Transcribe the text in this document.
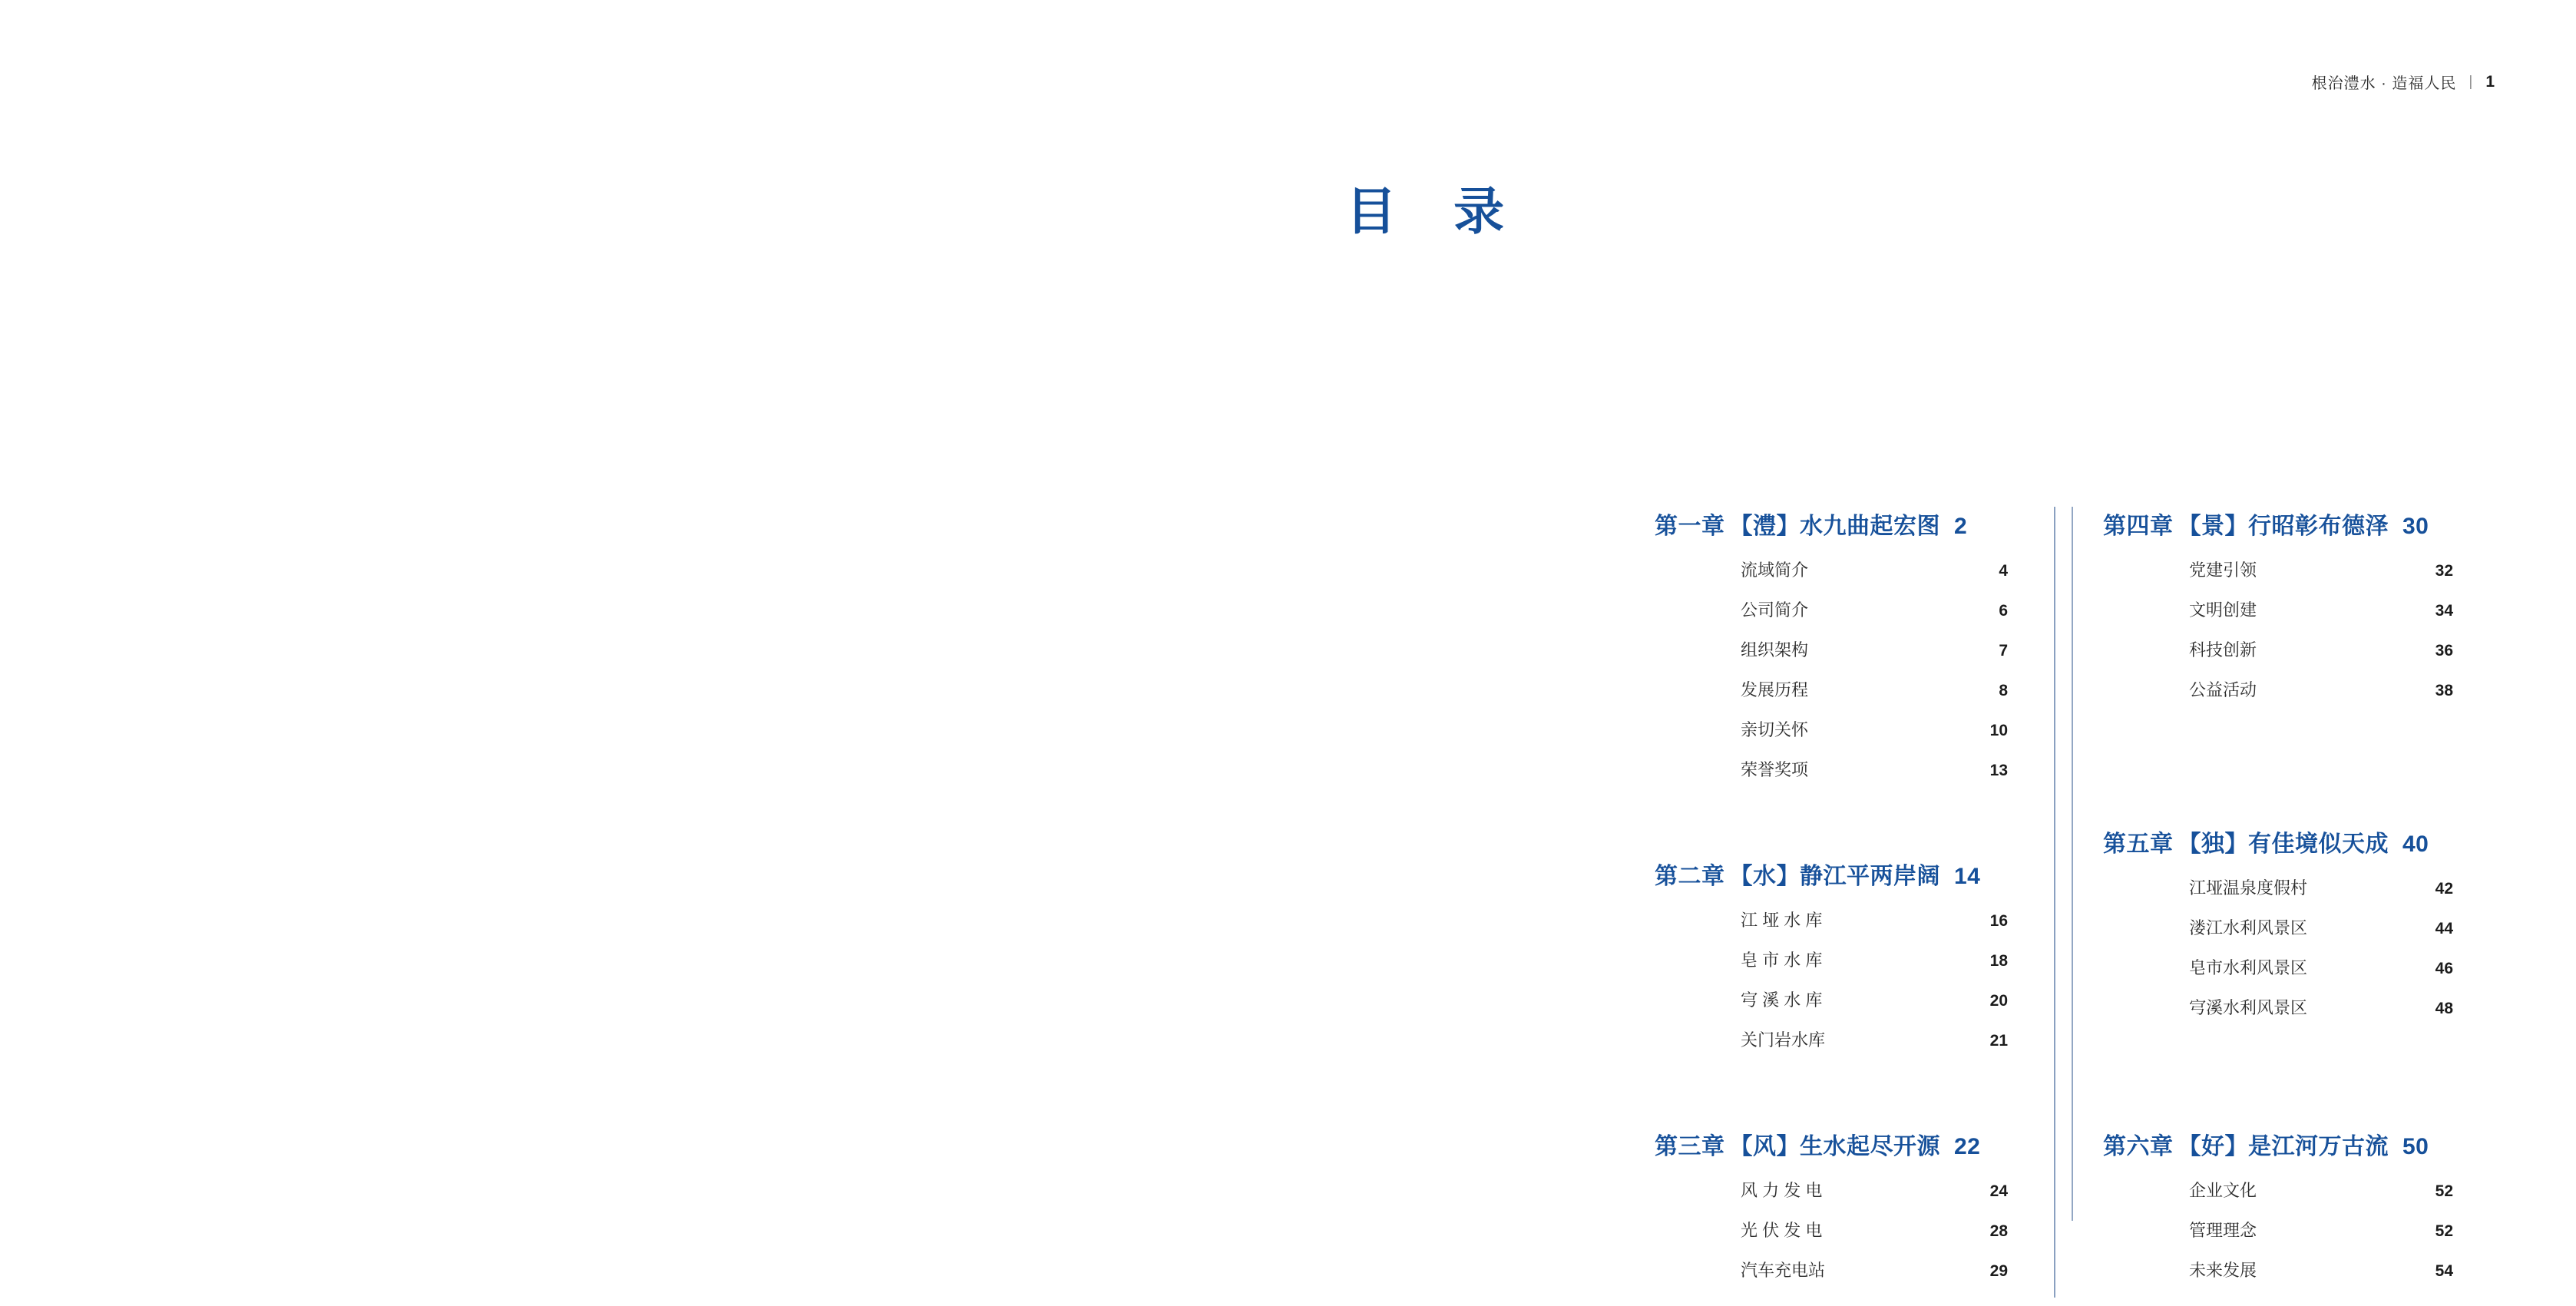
根治澧水 · 造福人民 | 1
目 录
第一章 【澧】水九曲起宏图 2
流域简介	4
公司简介	6
组织架构	7
发展历程	8
亲切关怀	10
荣誉奖项	13
第二章 【水】静江平两岸阔 14
江 垭 水 库	16
皂 市 水 库	18
宆 溪 水 库	20
关门岩水库	21
第三章 【风】生水起尽开源 22
风 力 发 电	24
光 伏 发 电	28
汽车充电站	29
第四章 【景】行昭彰布德泽 30
党建引领	32
文明创建	34
科技创新	36
公益活动	38
第五章 【独】有佳境似天成 40
江垭温泉度假村	42
溇江水利风景区	44
皂市水利风景区	46
宆溪水利风景区	48
第六章 【好】是江河万古流 50
企业文化	52
管理理念	52
未来发展	54
